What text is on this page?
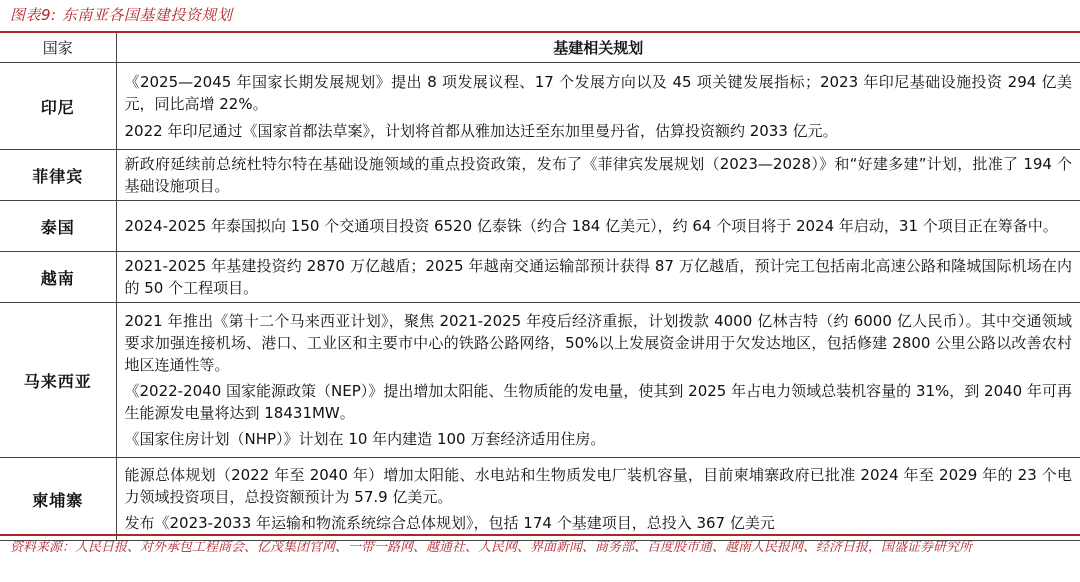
图表9: 东南亚各国基建投资规划
国家	基建相关规划
印尼	《2025—2045 年国家长期发展规划》提出 8 项发展议程、17 个发展方向以及 45 项关键发展指标；2023 年印尼基础设施投资 294 亿美元，同比高增 22%。
2022 年印尼通过《国家首都法草案》，计划将首都从雅加达迁至东加里曼丹省，估算投资额约 2033 亿元。

菲律宾	新政府延续前总统杜特尔特在基础设施领域的重点投资政策，发布了《菲律宾发展规划（2023—2028）》和“好建多建”计划，批准了 194 个基础设施项目。

泰国	2024-2025 年泰国拟向 150 个交通项目投资 6520 亿泰铢（约合 184 亿美元），约 64 个项目将于 2024 年启动，31 个项目正在筹备中。

越南	2021-2025 年基建投资约 2870 万亿越盾；2025 年越南交通运输部预计获得 87 万亿越盾，预计完工包括南北高速公路和隆城国际机场在内的 50 个工程项目。

马来西亚	2021 年推出《第十二个马来西亚计划》，聚焦 2021-2025 年疫后经济重振，计划拨款 4000 亿林吉特（约 6000 亿人民币）。其中交通领域要求加强连接机场、港口、工业区和主要市中心的铁路公路网络，50%以上发展资金讲用于欠发达地区，包括修建 2800 公里公路以改善农村地区连通性等。
《2022-2040 国家能源政策（NEP）》提出增加太阳能、生物质能的发电量，使其到 2025 年占电力领域总装机容量的 31%，到 2040 年可再生能源发电量将达到 18431MW。
《国家住房计划（NHP）》计划在 10 年内建造 100 万套经济适用住房。

柬埔寨	能源总体规划（2022 年至 2040 年）增加太阳能、水电站和生物质发电厂装机容量，目前柬埔寨政府已批准 2024 年至 2029 年的 23 个电力领域投资项目，总投资额预计为 57.9 亿美元。
发布《2023-2033 年运输和物流系统综合总体规划》，包括 174 个基建项目，总投入 367 亿美元
资料来源：人民日报、对外承包工程商会、亿茂集团官网、一带一路网、越通社、人民网、界面新闻、商务部、百度股市通、越南人民报网、经济日报，国盛证券研究所
